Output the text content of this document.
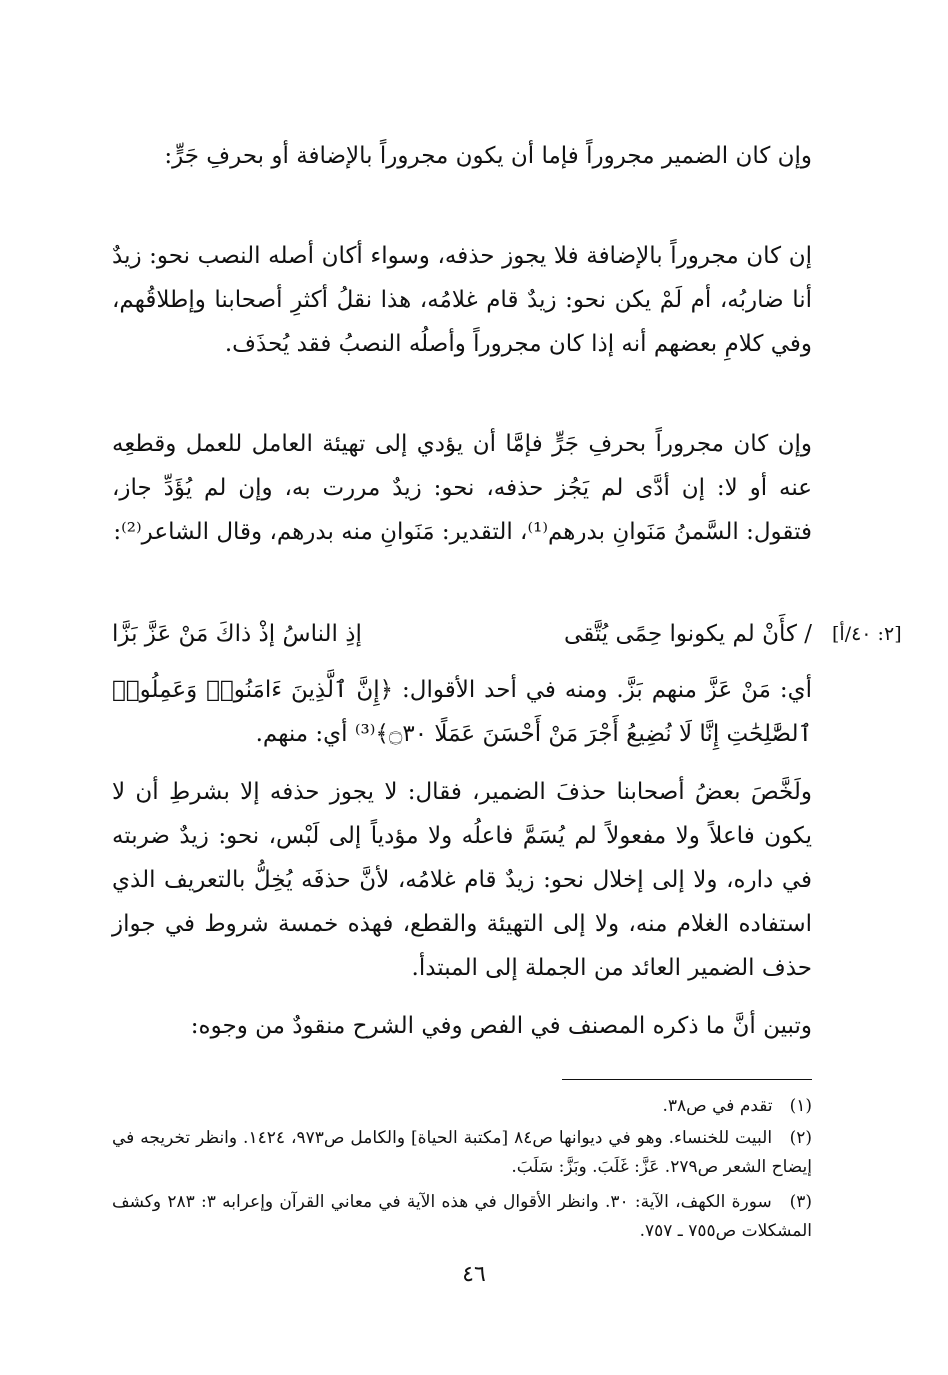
وإن كان الضمير مجروراً فإما أن يكون مجروراً بالإضافة أو بحرفِ جَرٍّ:

إن كان مجروراً بالإضافة فلا يجوز حذفه، وسواء أكان أصله النصب نحو: زيدٌ أنا ضاربُه، أم لَمْ يكن نحو: زيدٌ قام غلامُه، هذا نقلُ أكثرِ أصحابنا وإطلاقُهم، وفي كلامِ بعضهم أنه إذا كان مجروراً وأصلُه النصبُ فقد يُحذَف.

وإن كان مجروراً بحرفِ جَرٍّ فإمَّا أن يؤدي إلى تهيئة العامل للعمل وقطعِه عنه أو لا: إن أدَّى لم يَجُز حذفه، نحو: زيدٌ مررت به، وإن لم يُؤَدِّ جاز، فتقول: السَّمنُ مَنَوانِ بدرهم⁽¹⁾، التقدير: مَنَوانِ منه بدرهم، وقال الشاعر⁽²⁾:

[٢: ٤٠/أ]
/ كأَنْ لم يكونوا حِمًى يُتَّقى
إذِ الناسُ إذْ ذاكَ مَنْ عَزَّ بَزَّا

أي: مَنْ عَزَّ منهم بَزَّ. ومنه في أحد الأقوال: ﴿إِنَّ ٱلَّذِينَ ءَامَنُوا۟ وَعَمِلُوا۟ ٱلصَّٰلِحَٰتِ إِنَّا لَا نُضِيعُ أَجْرَ مَنْ أَحْسَنَ عَمَلًا ۝٣٠﴾⁽³⁾ أي: منهم.

ولَخَّصَ بعضُ أصحابنا حذفَ الضمير، فقال: لا يجوز حذفه إلا بشرطِ أن لا يكون فاعلاً ولا مفعولاً لم يُسَمَّ فاعلُه ولا مؤدياً إلى لَبْس، نحو: زيدٌ ضربته في داره، ولا إلى إخلال نحو: زيدٌ قام غلامُه، لأنَّ حذفَه يُخِلُّ بالتعريف الذي استفاده الغلام منه، ولا إلى التهيئة والقطع، فهذه خمسة شروط في جواز حذف الضمير العائد من الجملة إلى المبتدأ.

وتبين أنَّ ما ذكره المصنف في الفص وفي الشرح منقودٌ من وجوه:

(١) تقدم في ص٣٨.

(٢) البيت للخنساء. وهو في ديوانها ص٨٤ [مكتبة الحياة] والكامل ص٩٧٣، ١٤٢٤. وانظر تخريجه في إيضاح الشعر ص٢٧٩. عَزَّ: غَلَبَ. وبَزَّ: سَلَبَ.

(٣) سورة الكهف، الآية: ٣٠. وانظر الأقوال في هذه الآية في معاني القرآن وإعرابه ٣: ٢٨٣ وكشف المشكلات ص٧٥٥ ـ ٧٥٧.

٤٦
